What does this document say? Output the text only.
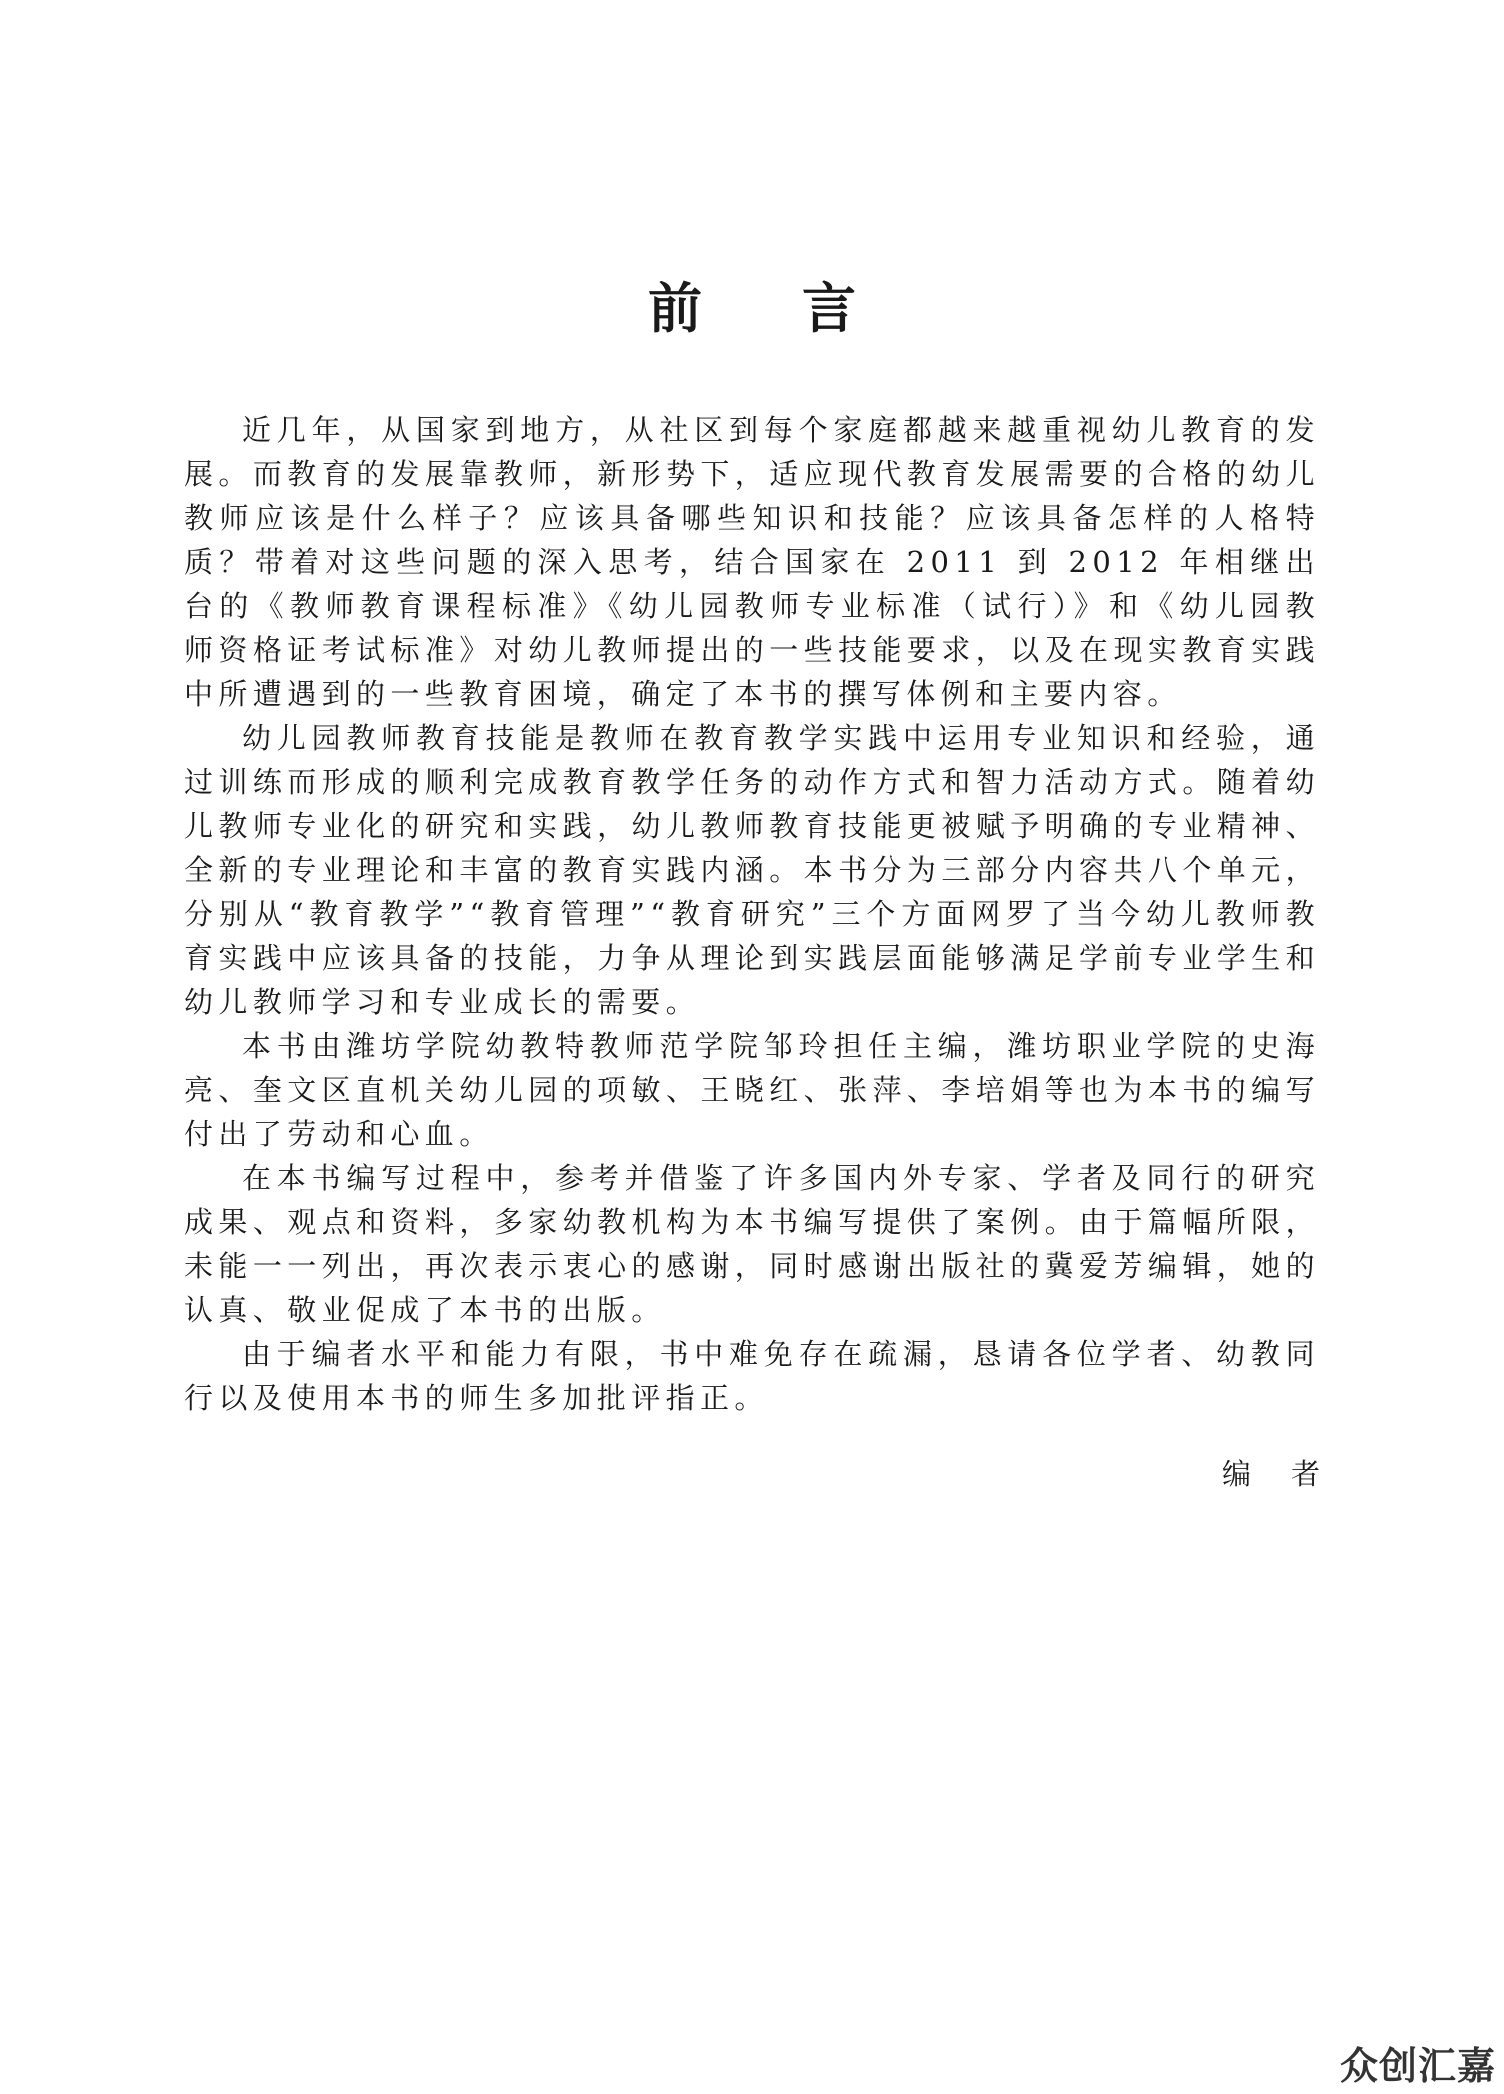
前言

近几年，从国家到地方，从社区到每个家庭都越来越重视幼儿教育的发展。而教育的发展靠教师，新形势下，适应现代教育发展需要的合格的幼儿教师应该是什么样子？应该具备哪些知识和技能？应该具备怎样的人格特质？带着对这些问题的深入思考，结合国家在 2011 到 2012 年相继出台的《教师教育课程标准》《幼儿园教师专业标准（试行）》和《幼儿园教师资格证考试标准》对幼儿教师提出的一些技能要求，以及在现实教育实践中所遭遇到的一些教育困境，确定了本书的撰写体例和主要内容。

幼儿园教师教育技能是教师在教育教学实践中运用专业知识和经验，通过训练而形成的顺利完成教育教学任务的动作方式和智力活动方式。随着幼儿教师专业化的研究和实践，幼儿教师教育技能更被赋予明确的专业精神、全新的专业理论和丰富的教育实践内涵。本书分为三部分内容共八个单元，分别从“教育教学”“教育管理”“教育研究”三个方面网罗了当今幼儿教师教育实践中应该具备的技能，力争从理论到实践层面能够满足学前专业学生和幼儿教师学习和专业成长的需要。

本书由潍坊学院幼教特教师范学院邹玲担任主编，潍坊职业学院的史海亮、奎文区直机关幼儿园的项敏、王晓红、张萍、李培娟等也为本书的编写付出了劳动和心血。

在本书编写过程中，参考并借鉴了许多国内外专家、学者及同行的研究成果、观点和资料，多家幼教机构为本书编写提供了案例。由于篇幅所限，未能一一列出，再次表示衷心的感谢，同时感谢出版社的冀爱芳编辑，她的认真、敬业促成了本书的出版。

由于编者水平和能力有限，书中难免存在疏漏，恳请各位学者、幼教同行以及使用本书的师生多加批评指正。

编者
众创汇嘉
